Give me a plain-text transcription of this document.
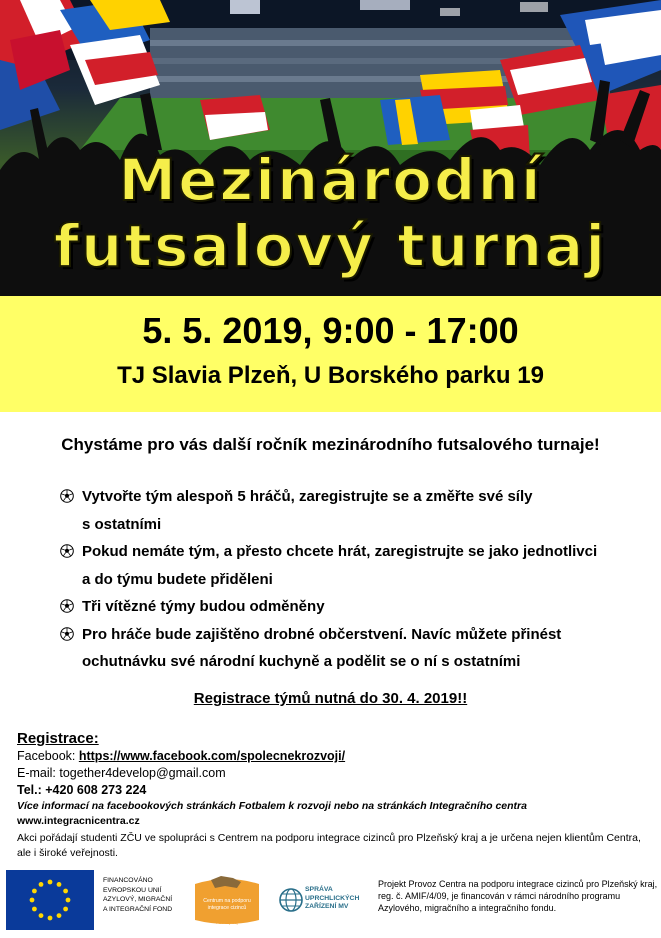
Mezinárodní
futsalový turnaj
5. 5. 2019, 9:00 - 17:00
TJ Slavia Plzeň, U Borského parku 19
Chystáme pro vás další ročník mezinárodního futsalového turnaje!
Vytvořte tým alespoň 5 hráčů, zaregistrujte se a změřte své síly
s ostatními
Pokud nemáte tým, a přesto chcete hrát, zaregistrujte se jako jednotlivci
a do týmu budete přiděleni
Tři vítězné týmy budou odměněny
Pro hráče bude zajištěno drobné občerstvení. Navíc můžete přinést
ochutnávku své národní kuchyně a podělit se o ní s ostatními
Registrace týmů nutná do 30. 4. 2019!!
Registrace:
Facebook: https://www.facebook.com/spolecnekrozvoji/
E-mail: together4develop@gmail.com
Tel.: +420 608 273 224
Více informací na facebookových stránkách Fotbalem k rozvoji nebo na stránkách Integračního centra
www.integracnicentra.cz
Akci pořádají studenti ZČU ve spolupráci s Centrem na podporu integrace cizinců pro Plzeňský kraj a je určena nejen klientům Centra, ale i široké veřejnosti.
FINANCOVÁNO
EVROPSKOU UNIÍ
AZYLOVÝ, MIGRAČNÍ
A INTEGRAČNÍ FOND
Centrum na podporu
integrace cizinců
Plzeňský kraj
SPRÁVA
UPRCHLICKÝCH
ZAŘÍZENÍ MV
Projekt Provoz Centra na podporu integrace cizinců pro Plzeňský kraj, reg. č. AMIF/4/09, je financován v rámci národního programu Azylového, migračního a integračního fondu.
